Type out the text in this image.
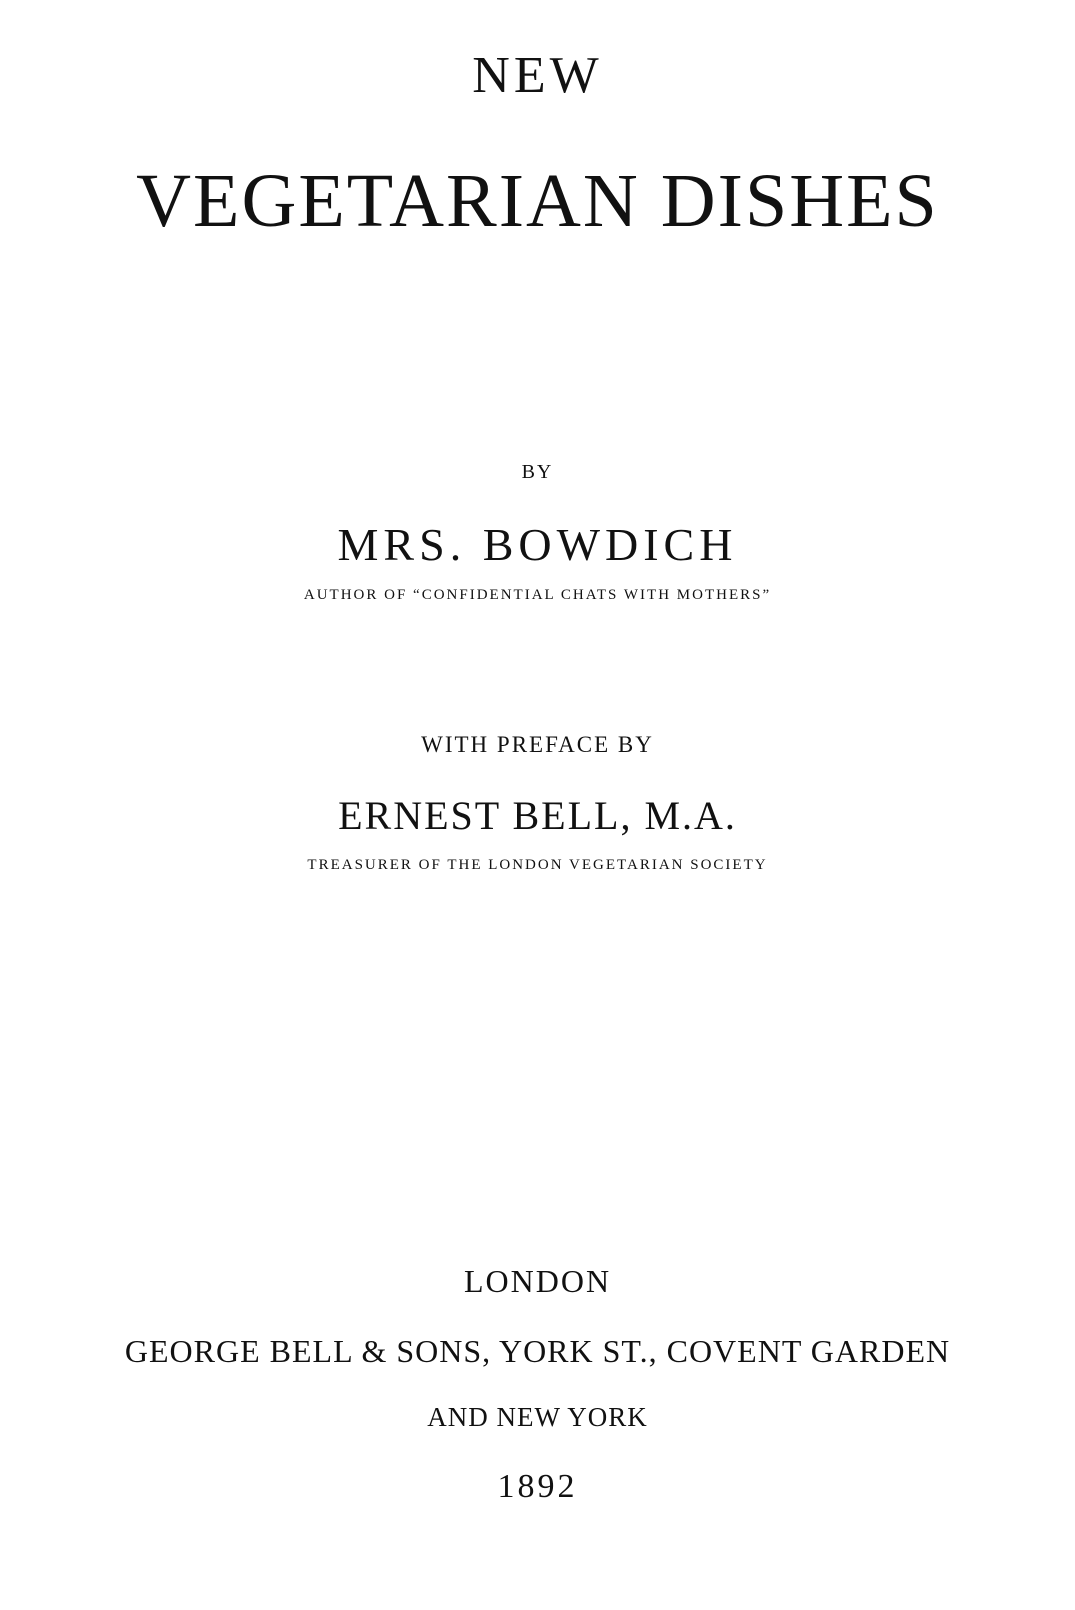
NEW
VEGETARIAN DISHES
BY
MRS. BOWDICH
AUTHOR OF “CONFIDENTIAL CHATS WITH MOTHERS”
WITH PREFACE BY
ERNEST BELL, M.A.
TREASURER OF THE LONDON VEGETARIAN SOCIETY
LONDON
GEORGE BELL & SONS, YORK ST., COVENT GARDEN
AND NEW YORK
1892
